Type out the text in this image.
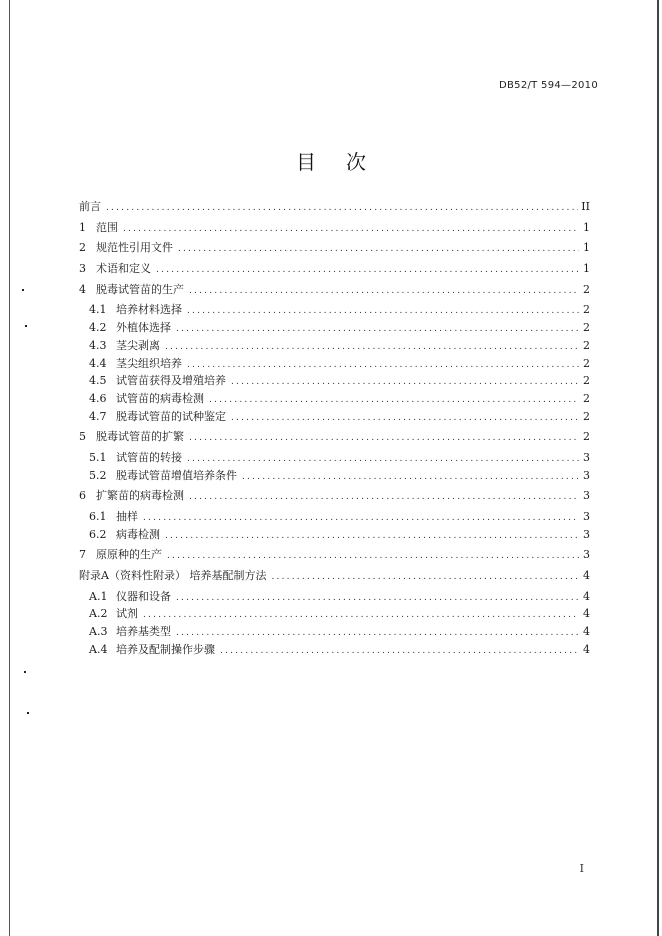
DB52/T 594—2010
目 次
前言 .....	II
1 范围 .....	1
2 规范性引用文件 .....	1
3 术语和定义 .....	1
4 脱毒试管苗的生产 .....	2
4.1 培养材料选择 .....	2
4.2 外植体选择 .....	2
4.3 茎尖剥离 .....	2
4.4 茎尖组织培养 .....	2
4.5 试管苗获得及增殖培养 .....	2
4.6 试管苗的病毒检测 .....	2
4.7 脱毒试管苗的试种鉴定 .....	2
5 脱毒试管苗的扩繁 .....	2
5.1 试管苗的转接 .....	3
5.2 脱毒试管苗增值培养条件 .....	3
6 扩繁苗的病毒检测 .....	3
6.1 抽样 .....	3
6.2 病毒检测 .....	3
7 原原种的生产 .....	3
附录A（资料性附录） 培养基配制方法 .....	4
A.1 仪器和设备 .....	4
A.2 试剂 .....	4
A.3 培养基类型 .....	4
A.4 培养及配制操作步骤 .....	4
I
